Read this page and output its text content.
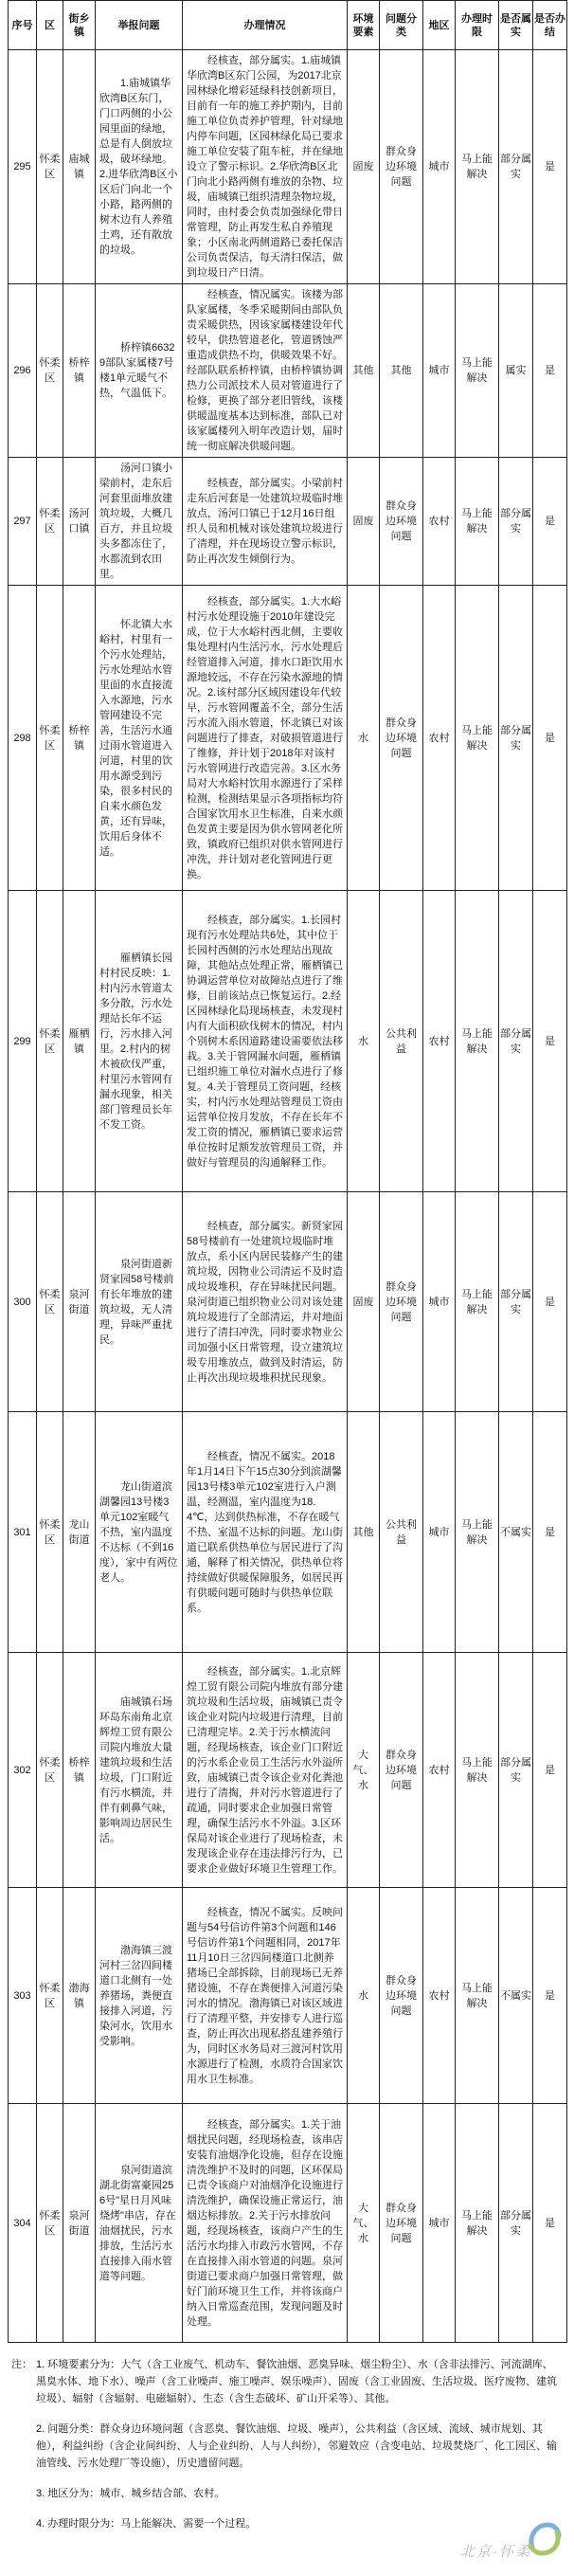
序号	区	街乡镇	举报问题	办理情况	环境要素	问题分类	地区	办理时限	是否属实	是否办结
295	怀柔区	庙城镇	1.庙城镇华欣湾B区东门，门口两侧的小公园里面的绿地，总是有人倒放垃圾，破坏绿地。2.进华欣湾B区小区后门向北一个小路，路两侧的树木边有人养殖土鸡，还有散放的垃圾。	经核查，部分属实。1.庙城镇华欣湾B区东门公园，为2017北京园林绿化增彩延绿科技创新项目，目前有一年的施工养护期内，目前施工单位负责养护管理，针对绿地内停车问题，区园林绿化局已要求施工单位安装了阻车桩，并在绿地设立了警示标识。2.华欣湾B区北门向北小路两侧有堆放的杂物、垃圾，庙城镇已组织清理杂物垃圾，同时，由村委会负责加强绿化带日常管理，防止再发生私自养殖现象；小区南北两侧道路已委托保洁公司负责保洁，每天清扫保洁，做到垃圾日产日清。	固废	群众身边环境问题	城市	马上能解决	部分属实	是
296	怀柔区	桥梓镇	桥梓镇66329部队家属楼7号楼1单元暖气不热，气温低下。	经核查，情况属实。该楼为部队家属楼，冬季采暖期间由部队负责采暖供热，因该家属楼建设年代较早，供热管道老化，管道锈蚀严重造成供热不均，供暖效果不好。经部队联系桥梓镇，由桥梓镇协调热力公司派技术人员对管道进行了检修，更换了部分老旧管线，该楼供暖温度基本达到标准，部队已对该家属楼列入明年改造计划，届时统一彻底解决供暖问题。	其他	其他	城市	马上能解决	属实	是
297	怀柔区	汤河口镇	汤河口镇小梁前村，走东后河套里面堆放建筑垃圾，大概几百方，并且垃圾头多都冻住了，水都流到农田里。	经核查，部分属实。小梁前村走东后河套是一处建筑垃圾临时堆放点，汤河口镇已于12月16日组织人员和机械对该处建筑垃圾进行了清理，并在现场设立警示标识，防止再次发生倾倒行为。	固废	群众身边环境问题	农村	马上能解决	部分属实	是
298	怀柔区	桥梓镇	怀北镇大水峪村，村里有一个污水处理站，污水处理站水管里面的水直接流入水源地，污水管网建设不完善，生活污水通过雨水管道进入河道，村里的饮用水源受到污染，很多村民的自来水颜色发黄，还有异味，饮用后身体不适。	经核查，部分属实。1.大水峪村污水处理设施于2010年建设完成，位于大水峪村西北侧，主要收集处理村内生活污水，污水处理后经管道排入河道，排水口距饮用水源地较远，不存在污染水源地的情况。2.该村部分区域因建设年代较早，污水管网覆盖不全，部分生活污水流入雨水管道，怀北镇已对该问题进行了排查，对破损管道进行了维修，并计划于2018年对该村污水管网进行改造完善。3.区水务局对大水峪村饮用水源进行了采样检测，检测结果显示各项指标均符合国家饮用水卫生标准，自来水颜色发黄主要是因为供水管网老化所致，镇政府已组织对供水管网进行冲洗，并计划对老化管网进行更换。	水	群众身边环境问题	农村	马上能解决	部分属实	是
299	怀柔区	雁栖镇	雁栖镇长园村村民反映：1.村内污水管道太多分散，污水处理站长年不运行，污水排入河里。2.村内的树木被砍伐严重，村里污水管网有漏水现象，相关部门管理员长年不发工资。	经核查，部分属实。1.长园村现有污水处理站共6处，其中位于长园村西侧的污水处理站出现故障，其他站点处理正常，雁栖镇已协调运营单位对故障站点进行了维修，目前该站点已恢复运行。2.经区园林绿化局现场核查，未发现村内有大面积砍伐树木的情况，村内个别树木系因道路建设需要依法移栽。3.关于管网漏水问题，雁栖镇已组织施工单位对漏水点进行了修复。4.关于管理员工资问题，经核实，村内污水处理站管理员工资由运营单位按月发放，不存在长年不发工资的情况，雁栖镇已要求运营单位按时足额发放管理员工资，并做好与管理员的沟通解释工作。	水	公共利益	农村	马上能解决	部分属实	是
300	怀柔区	泉河街道	泉河街道新贤家园58号楼前有长年堆放的建筑垃圾，无人清理，异味严重扰民。	经核查，部分属实。新贤家园58号楼前有一处建筑垃圾临时堆放点，系小区内居民装修产生的建筑垃圾，因物业公司清运不及时造成垃圾堆积，存在异味扰民问题。泉河街道已组织物业公司对该处建筑垃圾进行了全部清运，并对地面进行了清扫冲洗，同时要求物业公司加强小区日常管理，设立建筑垃圾专用堆放点，做到及时清运，防止再次出现垃圾堆积扰民现象。	固废	群众身边环境问题	城市	马上能解决	部分属实	是
301	怀柔区	龙山街道	龙山街道滨湖馨园13号楼3单元102室暖气不热，室内温度不达标（不到16度），家中有两位老人。	经核查，情况不属实。2018年1月14日下午15点30分到滨湖馨园13号楼3单元102室进行入户测温，经测温，室内温度为18.4℃，达到供热标准，不存在暖气不热、室温不达标的问题。龙山街道已联系供热单位与居民进行了沟通，解释了相关情况，供热单位将持续做好供暖保障服务，如居民再有供暖问题可随时与供热单位联系。	其他	公共利益	城市	马上能解决	不属实	是
302	怀柔区	桥梓镇	庙城镇石场环岛东南角北京辉煌工贸有限公司院内堆放大量建筑垃圾和生活垃圾，门口附近有污水横流，并伴有刺鼻气味，影响周边居民生活。	经核查，部分属实。1.北京辉煌工贸有限公司院内堆放有部分建筑垃圾和生活垃圾，庙城镇已责令该企业对院内垃圾进行清理，目前已清理完毕。2.关于污水横流问题，经现场核查，该企业门口附近的污水系企业员工生活污水外溢所致，庙城镇已责令该企业对化粪池进行了清掏，并对污水管道进行了疏通，同时要求企业加强日常管理，确保生活污水不外溢。3.区环保局对该企业进行了现场检查，未发现该企业存在违法排污行为，已要求企业做好环境卫生管理工作。	大气、水	群众身边环境问题	农村	马上能解决	部分属实	是
303	怀柔区	渤海镇	渤海镇三渡河村三岔四间楼道口北侧有一处养猪场，粪便直接排入河道，污染河水，饮用水受影响。	经核查，情况不属实。反映问题与54号信访件第3个问题和146号信访件第1个问题相同，2017年11月10日三岔四间楼道口北侧养猪场已全部拆除，目前现场已无养猪设施，不存在粪便排入河道污染河水的情况。渤海镇已对该区域进行了清理平整，并安排专人进行巡查，防止再次出现私搭乱建养殖行为，同时区水务局对三渡河村饮用水源进行了检测，水质符合国家饮用水卫生标准。	水	群众身边环境问题	农村	马上能解决	不属实	是
304	怀柔区	泉河街道	泉河街道滨湖北街富豪园256号"星日月风味烧烤"串店，存在油烟扰民，污水排放，生活污水直接排入雨水管道等问题。	经核查，部分属实。1.关于油烟扰民问题，经现场检查，该串店安装有油烟净化设施，但存在设施清洗维护不及时的问题，区环保局已责令该商户对油烟净化设施进行清洗维护，确保设施正常运行，油烟达标排放。2.关于污水排放问题，经现场核查，该商户产生的生活污水均排入市政污水管网，不存在直接排入雨水管道的问题。泉河街道已要求商户加强日常管理，做好门前环境卫生工作，并将该商户纳入日常巡查范围，发现问题及时处理。	大气、水	群众身边环境问题	城市	马上能解决	部分属实	是
注： 1. 环境要素分为：大气（含工业废气、机动车、餐饮油烟、恶臭异味、烟尘粉尘）、水（含非法排污、河流湖库、黑臭水体、地下水）、噪声（含工业噪声、施工噪声、娱乐噪声）、固废（含工业固废、生活垃圾、医疗废物、建筑垃圾）、辐射（含辐射、电磁辐射）、生态（含生态破坏、矿山开采等）、其他。

2. 问题分类：群众身边环境问题（含恶臭、餐饮油烟、垃圾、噪声），公共利益（含区域、流域、城市规划、其他），利益纠纷（含企业间纠纷、人与企业纠纷、人与人纠纷），邻避效应（含变电站、垃圾焚烧厂、化工园区、输油管线、污水处理厂等设施），历史遗留问题。

3. 地区分为：城市、城乡结合部、农村。

4. 办理时限分为：马上能解决、需要一个过程。

北京·怀柔
